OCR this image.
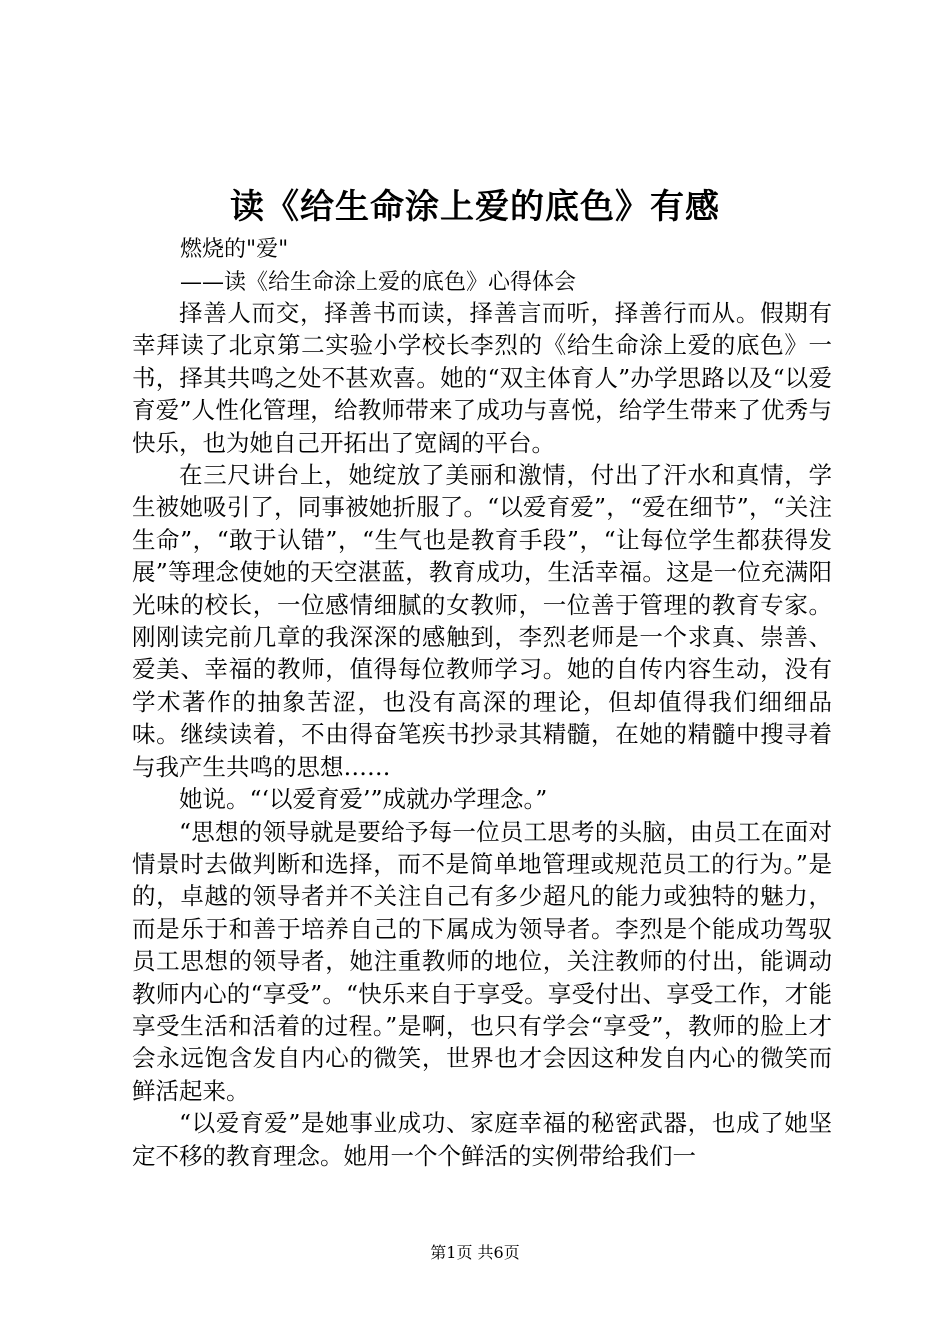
读《给生命涂上爱的底色》有感
燃烧的"爱"
——读《给生命涂上爱的底色》心得体会

择善人而交，择善书而读，择善言而听，择善行而从。假期有幸拜读了北京第二实验小学校长李烈的《给生命涂上爱的底色》一书，择其共鸣之处不甚欢喜。她的“双主体育人”办学思路以及“以爱育爱”人性化管理，给教师带来了成功与喜悦，给学生带来了优秀与快乐，也为她自己开拓出了宽阔的平台。

在三尺讲台上，她绽放了美丽和激情，付出了汗水和真情，学生被她吸引了，同事被她折服了。“以爱育爱”，“爱在细节”，“关注生命”，“敢于认错”，“生气也是教育手段”，“让每位学生都获得发展”等理念使她的天空湛蓝，教育成功，生活幸福。这是一位充满阳光味的校长，一位感情细腻的女教师，一位善于管理的教育专家。刚刚读完前几章的我深深的感触到，李烈老师是一个求真、崇善、爱美、幸福的教师，值得每位教师学习。她的自传内容生动，没有学术著作的抽象苦涩，也没有高深的理论，但却值得我们细细品味。继续读着，不由得奋笔疾书抄录其精髓，在她的精髓中搜寻着与我产生共鸣的思想……

她说。“‘以爱育爱’”成就办学理念。”

“思想的领导就是要给予每一位员工思考的头脑，由员工在面对情景时去做判断和选择，而不是简单地管理或规范员工的行为。”是的，卓越的领导者并不关注自己有多少超凡的能力或独特的魅力，而是乐于和善于培养自己的下属成为领导者。李烈是个能成功驾驭员工思想的领导者，她注重教师的地位，关注教师的付出，能调动教师内心的“享受”。“快乐来自于享受。享受付出、享受工作，才能享受生活和活着的过程。”是啊，也只有学会“享受”，教师的脸上才会永远饱含发自内心的微笑，世界也才会因这种发自内心的微笑而鲜活起来。

“以爱育爱”是她事业成功、家庭幸福的秘密武器，也成了她坚定不移的教育理念。她用一个个鲜活的实例带给我们一

第1页 共6页
